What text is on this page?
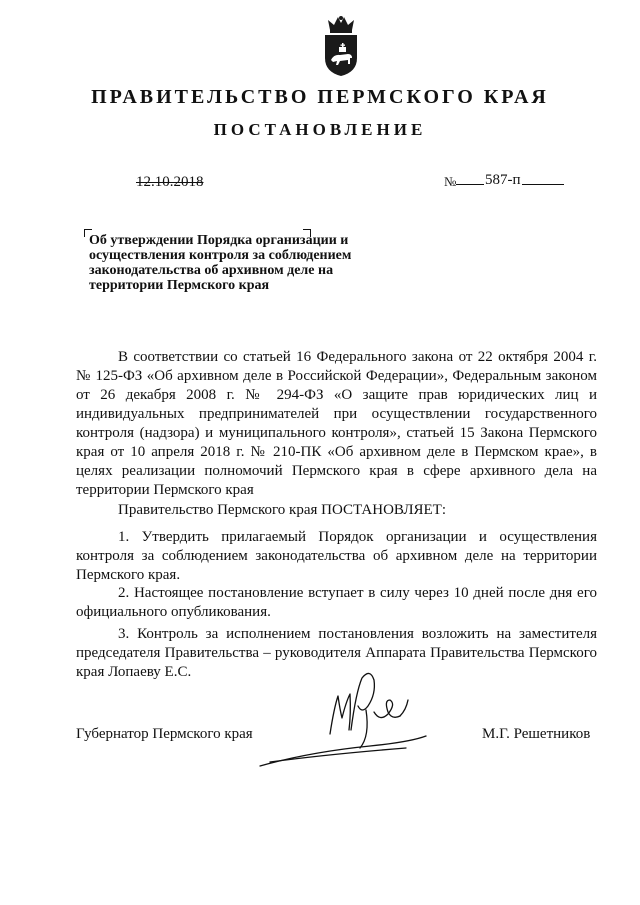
ПРАВИТЕЛЬСТВО ПЕРМСКОГО КРАЯ
ПОСТАНОВЛЕНИЕ
12.10.2018	№ 587-п
Об утверждении Порядка организации и осуществления контроля за соблюдением законодательства об архивном деле на территории Пермского края
В соответствии со статьей 16 Федерального закона от 22 октября 2004 г. № 125-ФЗ «Об архивном деле в Российской Федерации», Федеральным законом от 26 декабря 2008 г. № 294-ФЗ «О защите прав юридических лиц и индивидуальных предпринимателей при осуществлении государственного контроля (надзора) и муниципального контроля», статьей 15 Закона Пермского края от 10 апреля 2018 г. № 210-ПК «Об архивном деле в Пермском крае», в целях реализации полномочий Пермского края в сфере архивного дела на территории Пермского края
Правительство Пермского края ПОСТАНОВЛЯЕТ:
1. Утвердить прилагаемый Порядок организации и осуществления контроля за соблюдением законодательства об архивном деле на территории Пермского края.
2. Настоящее постановление вступает в силу через 10 дней после дня его официального опубликования.
3. Контроль за исполнением постановления возложить на заместителя председателя Правительства – руководителя Аппарата Правительства Пермского края Лопаеву Е.С.
Губернатор Пермского края	М.Г. Решетников
